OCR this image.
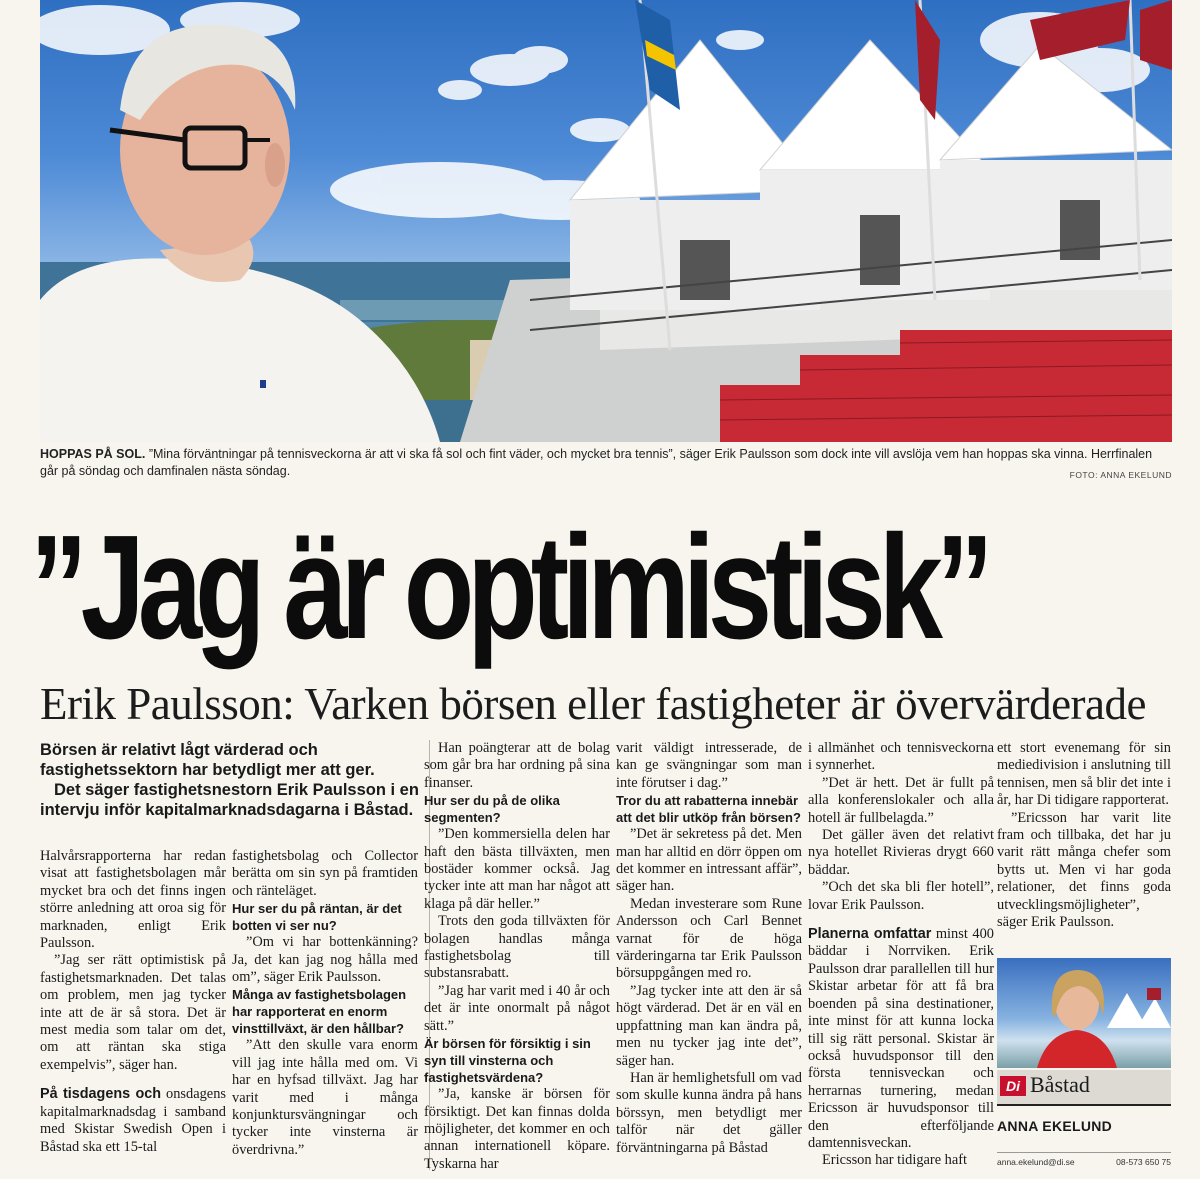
HOPPAS PÅ SOL. ”Mina förväntningar på tennisveckorna är att vi ska få sol och fint väder, och mycket bra tennis”, säger Erik Paulsson som dock inte vill avslöja vem han hoppas ska vinna. Herrfinalen går på söndag och damfinalen nästa söndag.	FOTO: ANNA EKELUND
”Jag är optimistisk”
Erik Paulsson: Varken börsen eller fastigheter är övervärderade

Börsen är relativt lågt värderad och fastighetssektorn har betydligt mer att ger.

Det säger fastighetsnestorn Erik Paulsson i en intervju inför kapitalmarknadsdagarna i Båstad.

Halvårsrapporterna har redan visat att fastighetsbolagen mår mycket bra och det finns ingen större anledning att oroa sig för marknaden, enligt Erik Paulsson.

”Jag ser rätt optimistisk på fastighetsmarknaden. Det talas om problem, men jag tycker inte att de är så stora. Det är mest media som talar om det, om att räntan ska stiga exempelvis”, säger han.

På tisdagens och onsdagens kapitalmarknadsdag i samband med Skistar Swedish Open i Båstad ska ett 15-tal

fastighetsbolag och Collector berätta om sin syn på framtiden och ränteläget.

Hur ser du på räntan, är det botten vi ser nu?

”Om vi har bottenkänning? Ja, det kan jag nog hålla med om”, säger Erik Paulsson.

Många av fastighetsbolagen har rapporterat en enorm vinsttillväxt, är den hållbar?

”Att den skulle vara enorm vill jag inte hålla med om. Vi har en hyfsad tillväxt. Jag har varit med i många konjunktursvängningar och tycker inte vinsterna är överdrivna.”

Han poängterar att de bolag som går bra har ordning på sina finanser.

Hur ser du på de olika segmenten?

”Den kommersiella delen har haft den bästa tillväxten, men bostäder kommer också. Jag tycker inte att man har något att klaga på där heller.”

Trots den goda tillväxten för bolagen handlas många fastighetsbolag till substansrabatt.

”Jag har varit med i 40 år och det är inte onormalt på något sätt.”

Är börsen för försiktig i sin syn till vinsterna och fastighetsvärdena?

”Ja, kanske är börsen för försiktigt. Det kan finnas dolda möjligheter, det kommer en och annan internationell köpare. Tyskarna har

varit väldigt intresserade, de kan ge svängningar som man inte förutser i dag.”

Tror du att rabatterna innebär att det blir utköp från börsen?

”Det är sekretess på det. Men man har alltid en dörr öppen om det kommer en intressant affär”, säger han.

Medan investerare som Rune Andersson och Carl Bennet varnat för de höga värderingarna tar Erik Paulsson börsuppgången med ro.

”Jag tycker inte att den är så högt värderad. Det är en väl en uppfattning man kan ändra på, men nu tycker jag inte det”, säger han.

Han är hemlighetsfull om vad som skulle kunna ändra på hans börssyn, men betydligt mer talför när det gäller förväntningarna på Båstad

i allmänhet och tennisveckorna i synnerhet.

”Det är hett. Det är fullt på alla konferenslokaler och alla hotell är fullbelagda.”

Det gäller även det relativt nya hotellet Rivieras drygt 660 bäddar.

”Och det ska bli fler hotell”, lovar Erik Paulsson.

Planerna omfattar minst 400 bäddar i Norrviken. Erik Paulsson drar parallellen till hur Skistar arbetar för att få bra boenden på sina destinationer, inte minst för att kunna locka till sig rätt personal. Skistar är också huvudsponsor till den första tennisveckan och herrarnas turnering, medan Ericsson är huvudsponsor till den efterföljande damtennisveckan.

Ericsson har tidigare haft

ett stort evenemang för sin mediedivision i anslutning till tennisen, men så blir det inte i år, har Di tidigare rapporterat.

”Ericsson har varit lite fram och tillbaka, det har ju varit rätt många chefer som bytts ut. Men vi har goda relationer, det finns goda utvecklingsmöjligheter”, säger Erik Paulsson.

Di Båstad
ANNA EKELUND
anna.ekelund@di.se	08-573 650 75
